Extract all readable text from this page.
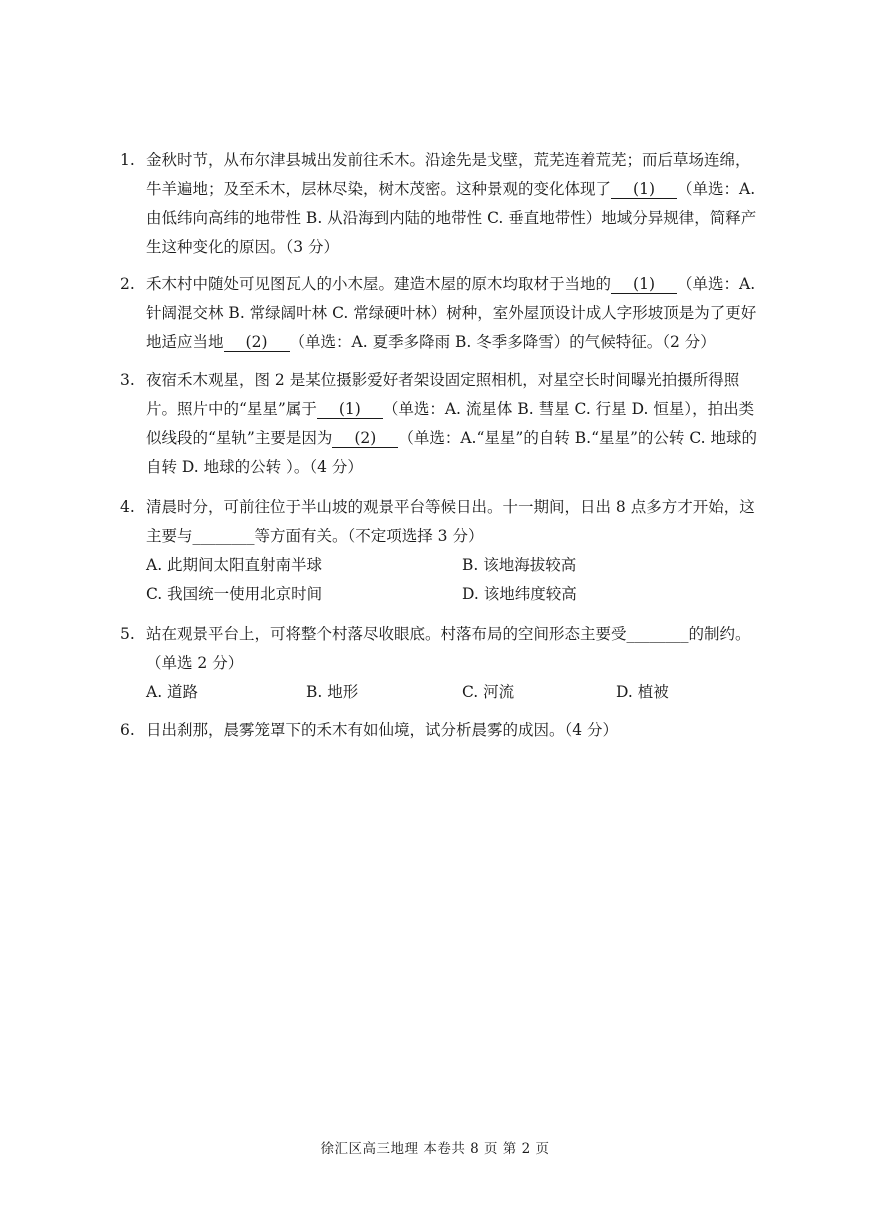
1. 金秋时节，从布尔津县城出发前往禾木。沿途先是戈壁，荒芜连着荒芜；而后草场连绵，牛羊遍地；及至禾木，层林尽染，树木茂密。这种景观的变化体现了 (1) （单选：A. 由低纬向高纬的地带性 B. 从沿海到内陆的地带性 C. 垂直地带性）地域分异规律，简释产生这种变化的原因。（3 分）
2. 禾木村中随处可见图瓦人的小木屋。建造木屋的原木均取材于当地的 (1) （单选：A. 针阔混交林 B. 常绿阔叶林 C. 常绿硬叶林）树种，室外屋顶设计成人字形坡顶是为了更好地适应当地 (2) （单选：A. 夏季多降雨 B. 冬季多降雪）的气候特征。（2 分）
3. 夜宿禾木观星，图 2 是某位摄影爱好者架设固定照相机，对星空长时间曝光拍摄所得照片。照片中的“星星”属于 (1) （单选：A. 流星体 B. 彗星 C. 行星 D. 恒星），拍出类似线段的“星轨”主要是因为 (2) （单选：A.“星星”的自转 B.“星星”的公转 C. 地球的自转 D. 地球的公转 ）。（4 分）
4. 清晨时分，可前往位于半山坡的观景平台等候日出。十一期间，日出 8 点多方才开始，这主要与________等方面有关。（不定项选择 3 分）
A. 此期间太阳直射南半球	B. 该地海拔较高
C. 我国统一使用北京时间	D. 该地纬度较高
5. 站在观景平台上，可将整个村落尽收眼底。村落布局的空间形态主要受________的制约。（单选 2 分）
A. 道路	B. 地形	C. 河流	D. 植被
6. 日出刹那，晨雾笼罩下的禾木有如仙境，试分析晨雾的成因。（4 分）
徐汇区高三地理 本卷共 8 页 第 2 页
